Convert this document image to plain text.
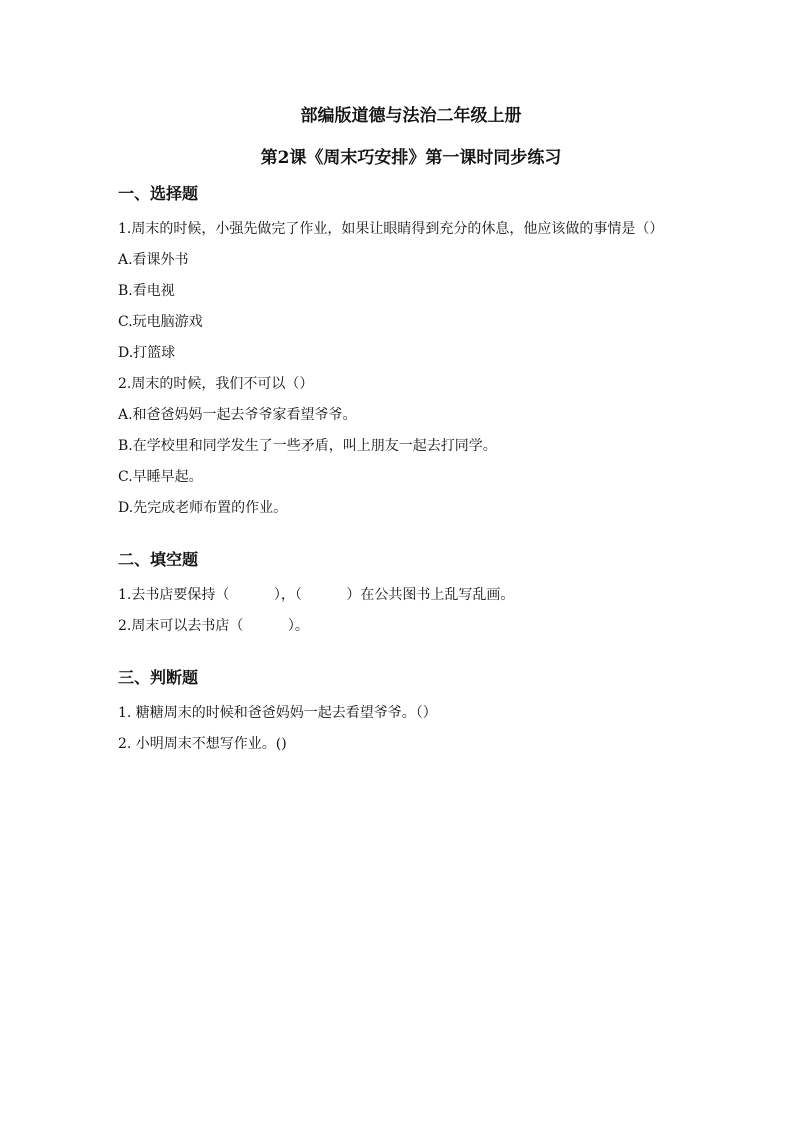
部编版道德与法治二年级上册

第2课《周末巧安排》第一课时同步练习

一、选择题

1.周末的时候，小强先做完了作业，如果让眼睛得到充分的休息，他应该做的事情是（）

A.看课外书

B.看电视

C.玩电脑游戏

D.打篮球

2.周末的时候，我们不可以（）

A.和爸爸妈妈一起去爷爷家看望爷爷。

B.在学校里和同学发生了一些矛盾，叫上朋友一起去打同学。

C.早睡早起。

D.先完成老师布置的作业。

二、填空题

1.去书店要保持（          ），（          ）在公共图书上乱写乱画。

2.周末可以去书店（          ）。

三、判断题

1. 糖糖周末的时候和爸爸妈妈一起去看望爷爷。（）

2. 小明周末不想写作业。()
